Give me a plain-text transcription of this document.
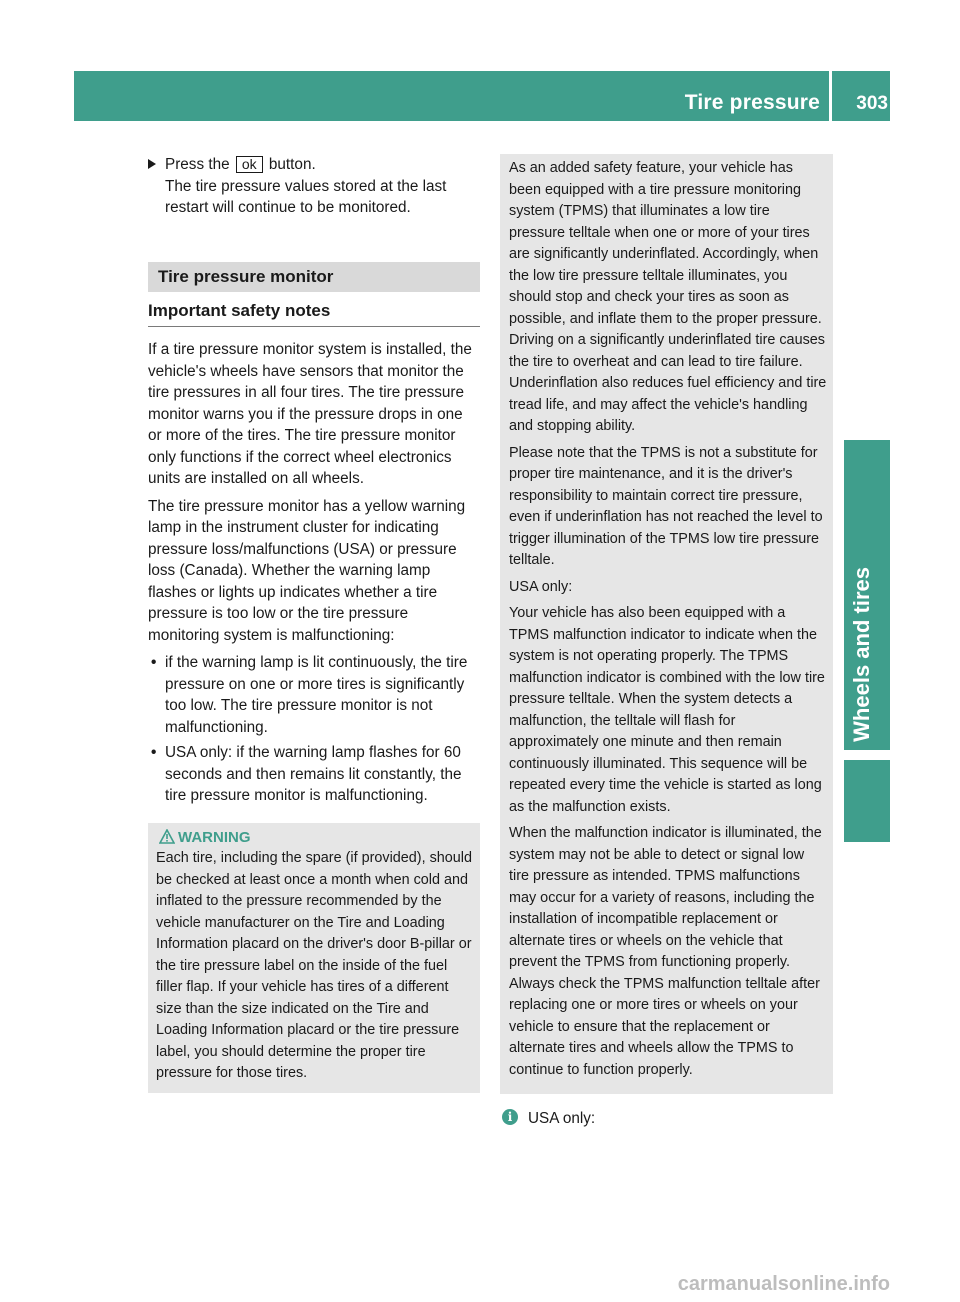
Tire pressure 303
Wheels and tires
Press the ok button.
The tire pressure values stored at the last restart will continue to be monitored.
Tire pressure monitor
Important safety notes

If a tire pressure monitor system is installed, the vehicle's wheels have sensors that monitor the tire pressures in all four tires. The tire pressure monitor warns you if the pressure drops in one or more of the tires. The tire pressure monitor only functions if the correct wheel electronics units are installed on all wheels.

The tire pressure monitor has a yellow warning lamp in the instrument cluster for indicating pressure loss/malfunctions (USA) or pressure loss (Canada). Whether the warning lamp flashes or lights up indicates whether a tire pressure is too low or the tire pressure monitoring system is malfunctioning:

• if the warning lamp is lit continuously, the tire pressure on one or more tires is significantly too low. The tire pressure monitor is not malfunctioning.
• USA only: if the warning lamp flashes for 60 seconds and then remains lit constantly, the tire pressure monitor is malfunctioning.
WARNING
Each tire, including the spare (if provided), should be checked at least once a month when cold and inflated to the pressure recommended by the vehicle manufacturer on the Tire and Loading Information placard on the driver's door B-pillar or the tire pressure label on the inside of the fuel filler flap. If your vehicle has tires of a different size than the size indicated on the Tire and Loading Information placard or the tire pressure label, you should determine the proper tire pressure for those tires.

As an added safety feature, your vehicle has been equipped with a tire pressure monitoring system (TPMS) that illuminates a low tire pressure telltale when one or more of your tires are significantly underinflated. Accordingly, when the low tire pressure telltale illuminates, you should stop and check your tires as soon as possible, and inflate them to the proper pressure. Driving on a significantly underinflated tire causes the tire to overheat and can lead to tire failure. Underinflation also reduces fuel efficiency and tire tread life, and may affect the vehicle's handling and stopping ability.

Please note that the TPMS is not a substitute for proper tire maintenance, and it is the driver's responsibility to maintain correct tire pressure, even if underinflation has not reached the level to trigger illumination of the TPMS low tire pressure telltale.

USA only:

Your vehicle has also been equipped with a TPMS malfunction indicator to indicate when the system is not operating properly. The TPMS malfunction indicator is combined with the low tire pressure telltale. When the system detects a malfunction, the telltale will flash for approximately one minute and then remain continuously illuminated. This sequence will be repeated every time the vehicle is started as long as the malfunction exists.

When the malfunction indicator is illuminated, the system may not be able to detect or signal low tire pressure as intended. TPMS malfunctions may occur for a variety of reasons, including the installation of incompatible replacement or alternate tires or wheels on the vehicle that prevent the TPMS from functioning properly. Always check the TPMS malfunction telltale after replacing one or more tires or wheels on your vehicle to ensure that the replacement or alternate tires and wheels allow the TPMS to continue to function properly.

i	USA only:
carmanualsonline.info
